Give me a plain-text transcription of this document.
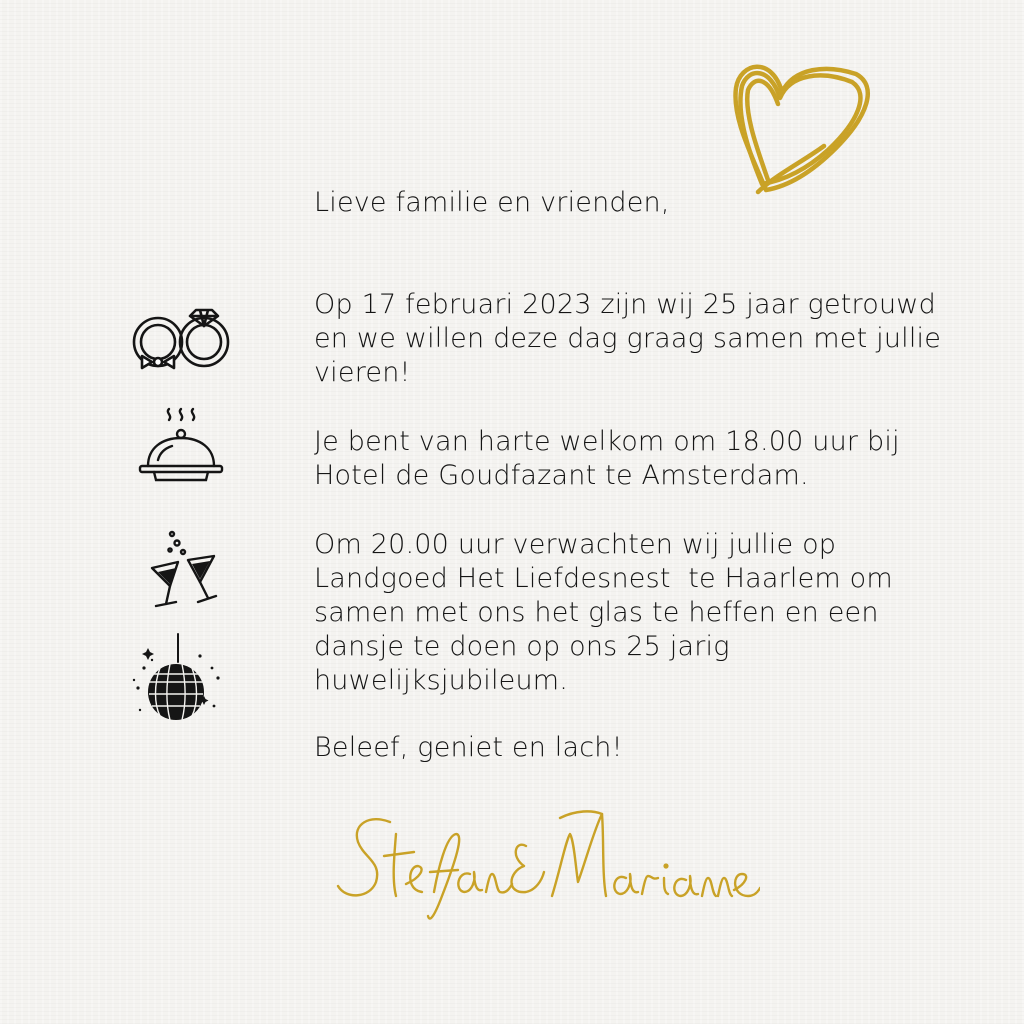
Lieve familie en vrienden,

Op 17 februari 2023 zijn wij 25 jaar getrouwd
en we willen deze dag graag samen met jullie
vieren!
Je bent van harte welkom om 18.00 uur bij
Hotel de Goudfazant te Amsterdam.
Om 20.00 uur verwachten wij jullie op
Landgoed Het Liefdesnest  te Haarlem om
samen met ons het glas te heffen en een
dansje te doen op ons 25 jarig
huwelijksjubileum.

Beleef, geniet en lach!
